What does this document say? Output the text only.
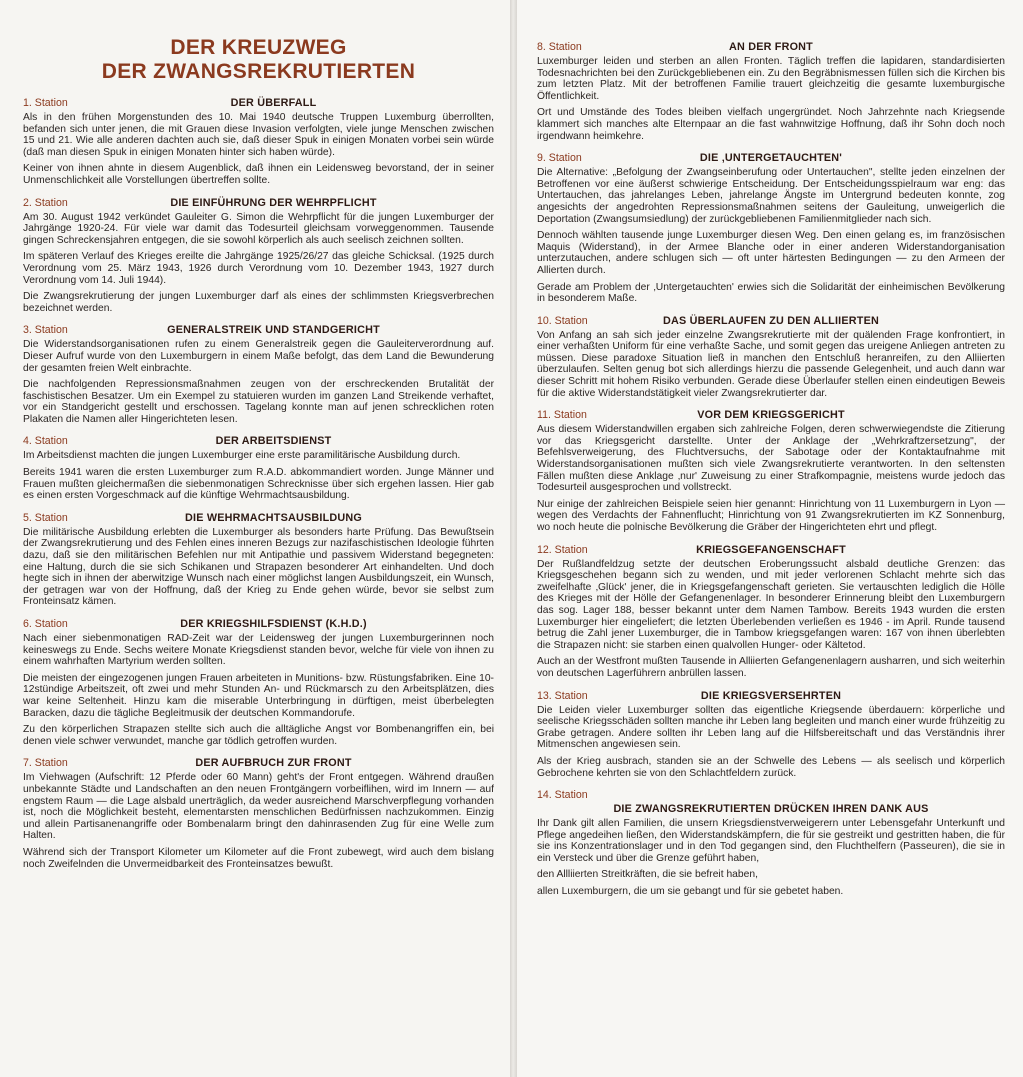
DER KREUZWEG
DER ZWANGSREKRUTIERTEN
1. Station	DER ÜBERFALL

Als in den frühen Morgenstunden des 10. Mai 1940 deutsche Truppen Luxemburg überrollten, befanden sich unter jenen, die mit Grauen diese Invasion verfolgten, viele junge Menschen zwischen 15 und 21. Wie alle anderen dachten auch sie, daß dieser Spuk in einigen Monaten vorbei sein würde (daß man diesen Spuk in einigen Monaten hinter sich haben würde).

Keiner von ihnen ahnte in diesem Augenblick, daß ihnen ein Leidensweg bevorstand, der in seiner Unmenschlichkeit alle Vorstellungen übertreffen sollte.

2. Station	DIE EINFÜHRUNG DER WEHRPFLICHT

Am 30. August 1942 verkündet Gauleiter G. Simon die Wehrpflicht für die jungen Luxemburger der Jahrgänge 1920-24. Für viele war damit das Todesurteil gleichsam vorweggenommen. Tausende gingen Schreckensjahren entgegen, die sie sowohl körperlich als auch seelisch zeichnen sollten.

Im späteren Verlauf des Krieges ereilte die Jahrgänge 1925/26/27 das gleiche Schicksal. (1925 durch Verordnung vom 25. März 1943, 1926 durch Verordnung vom 10. Dezember 1943, 1927 durch Verordnung vom 14. Juli 1944).

Die Zwangsrekrutierung der jungen Luxemburger darf als eines der schlimmsten Kriegsverbrechen bezeichnet werden.

3. Station	GENERALSTREIK UND STANDGERICHT

Die Widerstandsorganisationen rufen zu einem Generalstreik gegen die Gauleiterverordnung auf. Dieser Aufruf wurde von den Luxemburgern in einem Maße befolgt, das dem Land die Bewunderung der gesamten freien Welt einbrachte.

Die nachfolgenden Repressionsmaßnahmen zeugen von der erschreckenden Brutalität der faschistischen Besatzer. Um ein Exempel zu statuieren wurden im ganzen Land Streikende verhaftet, vor ein Standgericht gestellt und erschossen. Tagelang konnte man auf jenen schrecklichen roten Plakaten die Namen aller Hingerichteten lesen.

4. Station	DER ARBEITSDIENST

Im Arbeitsdienst machten die jungen Luxemburger eine erste paramilitärische Ausbildung durch.

Bereits 1941 waren die ersten Luxemburger zum R.A.D. abkommandiert worden. Junge Männer und Frauen mußten gleichermaßen die siebenmonatigen Schrecknisse über sich ergehen lassen. Hier gab es einen ersten Vorgeschmack auf die künftige Wehrmachtsausbildung.

5. Station	DIE WEHRMACHTSAUSBILDUNG

Die militärische Ausbildung erlebten die Luxemburger als besonders harte Prüfung. Das Bewußtsein der Zwangsrekrutierung und des Fehlen eines inneren Bezugs zur nazifaschistischen Ideologie führten dazu, daß sie den militärischen Befehlen nur mit Antipathie und passivem Widerstand begegneten: eine Haltung, durch die sie sich Schikanen und Strapazen besonderer Art einhandelten. Und doch hegte sich in ihnen der aberwitzige Wunsch nach einer möglichst langen Ausbildungszeit, ein Wunsch, der getragen war von der Hoffnung, daß der Krieg zu Ende gehen würde, bevor sie selbst zum Fronteinsatz kämen.

6. Station	DER KRIEGSHILFSDIENST (K.H.D.)

Nach einer siebenmonatigen RAD-Zeit war der Leidensweg der jungen Luxemburgerinnen noch keineswegs zu Ende. Sechs weitere Monate Kriegsdienst standen bevor, welche für viele von ihnen zu einem wahrhaften Martyrium werden sollten.

Die meisten der eingezogenen jungen Frauen arbeiteten in Munitions- bzw. Rüstungsfabriken. Eine 10-12stündige Arbeitszeit, oft zwei und mehr Stunden An- und Rückmarsch zu den Arbeitsplätzen, dies war keine Seltenheit. Hinzu kam die miserable Unterbringung in dürftigen, meist überbelegten Baracken, dazu die tägliche Begleitmusik der deutschen Kommandorufe.

Zu den körperlichen Strapazen stellte sich auch die alltägliche Angst vor Bombenangriffen ein, bei denen viele schwer verwundet, manche gar tödlich getroffen wurden.

7. Station	DER AUFBRUCH ZUR FRONT

Im Viehwagen (Aufschrift: 12 Pferde oder 60 Mann) geht's der Front entgegen. Während draußen unbekannte Städte und Landschaften an den neuen Frontgängern vorbeiflihen, wird im Innern — auf engstem Raum — die Lage alsbald unerträglich, da weder ausreichend Marschverpflegung vorhanden ist, noch die Möglichkeit besteht, elementarsten menschlichen Bedürfnissen nachzukommen. Einzig und allein Partisanenangriffe oder Bombenalarm bringt den dahinrasenden Zug für eine Welle zum Halten.

Während sich der Transport Kilometer um Kilometer auf die Front zubewegt, wird auch dem bislang noch Zweifelnden die Unvermeidbarkeit des Fronteinsatzes bewußt.

8. Station	AN DER FRONT

Luxemburger leiden und sterben an allen Fronten. Täglich treffen die lapidaren, standardisierten Todesnachrichten bei den Zurückgebliebenen ein. Zu den Begräbnismessen füllen sich die Kirchen bis zum letzten Platz. Mit der betroffenen Familie trauert gleichzeitig die gesamte luxemburgische Öffentlichkeit.

Ort und Umstände des Todes bleiben vielfach ungergründet. Noch Jahrzehnte nach Kriegsende klammert sich manches alte Elternpaar an die fast wahnwitzige Hoffnung, daß ihr Sohn doch noch irgendwann heimkehre.

9. Station	DIE ‚UNTERGETAUCHTEN'

Die Alternative: „Befolgung der Zwangseinberufung oder Untertauchen", stellte jeden einzelnen der Betroffenen vor eine äußerst schwierige Entscheidung. Der Entscheidungsspielraum war eng: das Untertauchen, das jahrelanges Leben, jahrelange Ängste im Untergrund bedeuten konnte, zog angesichts der angedrohten Repressionsmaßnahmen seitens der Gauleitung, unweigerlich die Deportation (Zwangsumsiedlung) der zurückgebliebenen Familienmitglieder nach sich.

Dennoch wählten tausende junge Luxemburger diesen Weg. Den einen gelang es, im französischen Maquis (Widerstand), in der Armee Blanche oder in einer anderen Widerstandorganisation unterzutauchen, andere schlugen sich — oft unter härtesten Bedingungen — zu den Armeen der Allierten durch.

Gerade am Problem der ‚Untergetauchten' erwies sich die Solidarität der einheimischen Bevölkerung in besonderem Maße.

10. Station	DAS ÜBERLAUFEN ZU DEN ALLIIERTEN

Von Anfang an sah sich jeder einzelne Zwangsrekrutierte mit der quälenden Frage konfrontiert, in einer verhaßten Uniform für eine verhaßte Sache, und somit gegen das ureigene Anliegen antreten zu müssen. Diese paradoxe Situation ließ in manchen den Entschluß heranreifen, zu den Alliierten überzulaufen. Selten genug bot sich allerdings hierzu die passende Gelegenheit, und auch dann war dieser Schritt mit hohem Risiko verbunden. Gerade diese Überlaufer stellen einen eindeutigen Beweis für die aktive Widerstandstätigkeit vieler Zwangsrekrutierter dar.

11. Station	VOR DEM KRIEGSGERICHT

Aus diesem Widerstandwillen ergaben sich zahlreiche Folgen, deren schwerwiegendste die Zitierung vor das Kriegsgericht darstellte. Unter der Anklage der „Wehrkraftzersetzung", der Befehlsverweigerung, des Fluchtversuchs, der Sabotage oder der Kontaktaufnahme mit Widerstandsorganisationen mußten sich viele Zwangsrekrutierte verantworten. In den seltensten Fällen mußten diese Anklage ‚nur' Zuweisung zu einer Strafkompagnie, meistens wurde jedoch das Todesurteil ausgesprochen und vollstreckt.

Nur einige der zahlreichen Beispiele seien hier genannt: Hinrichtung von 11 Luxemburgern in Lyon — wegen des Verdachts der Fahnenflucht; Hinrichtung von 91 Zwangsrekrutierten im KZ Sonnenburg, wo noch heute die polnische Bevölkerung die Gräber der Hingerichteten ehrt und pflegt.

12. Station	KRIEGSGEFANGENSCHAFT

Der Rußlandfeldzug setzte der deutschen Eroberungssucht alsbald deutliche Grenzen: das Kriegsgeschehen begann sich zu wenden, und mit jeder verlorenen Schlacht mehrte sich das zweifelhafte ‚Glück' jener, die in Kriegsgefangenschaft gerieten. Sie vertauschten lediglich die Hölle des Krieges mit der Hölle der Gefangenenlager. In besonderer Erinnerung bleibt den Luxemburgern das sog. Lager 188, besser bekannt unter dem Namen Tambow. Bereits 1943 wurden die ersten Luxemburger hier eingeliefert; die letzten Überlebenden verließen es 1946 - im April. Runde tausend betrug die Zahl jener Luxemburger, die in Tambow kriegsgefangen waren: 167 von ihnen überlebten die Strapazen nicht: sie starben einen qualvollen Hunger- oder Kältetod.

Auch an der Westfront mußten Tausende in Alliierten Gefangenenlagern ausharren, und sich weiterhin von deutschen Lagerführern anbrüllen lassen.

13. Station	DIE KRIEGSVERSEHRTEN

Die Leiden vieler Luxemburger sollten das eigentliche Kriegsende überdauern: körperliche und seelische Kriegsschäden sollten manche ihr Leben lang begleiten und manch einer wurde frühzeitig zu Grabe getragen. Andere sollten ihr Leben lang auf die Hilfsbereitschaft und das Verständnis ihrer Mitmenschen angewiesen sein.

Als der Krieg ausbrach, standen sie an der Schwelle des Lebens — als seelisch und körperlich Gebrochene kehrten sie von den Schlachtfeldern zurück.

14. Station
DIE ZWANGSREKRUTIERTEN DRÜCKEN IHREN DANK AUS

Ihr Dank gilt allen Familien, die unsern Kriegsdienstverweigerern unter Lebensgefahr Unterkunft und Pflege angedeihen ließen, den Widerstandskämpfern, die für sie gestreikt und gestritten haben, die für sie ins Konzentrationslager und in den Tod gegangen sind, den Fluchthelfern (Passeuren), die sie in ein Versteck und über die Grenze geführt haben,

den Allliierten Streitkräften, die sie befreit haben,

allen Luxemburgern, die um sie gebangt und für sie gebetet haben.
